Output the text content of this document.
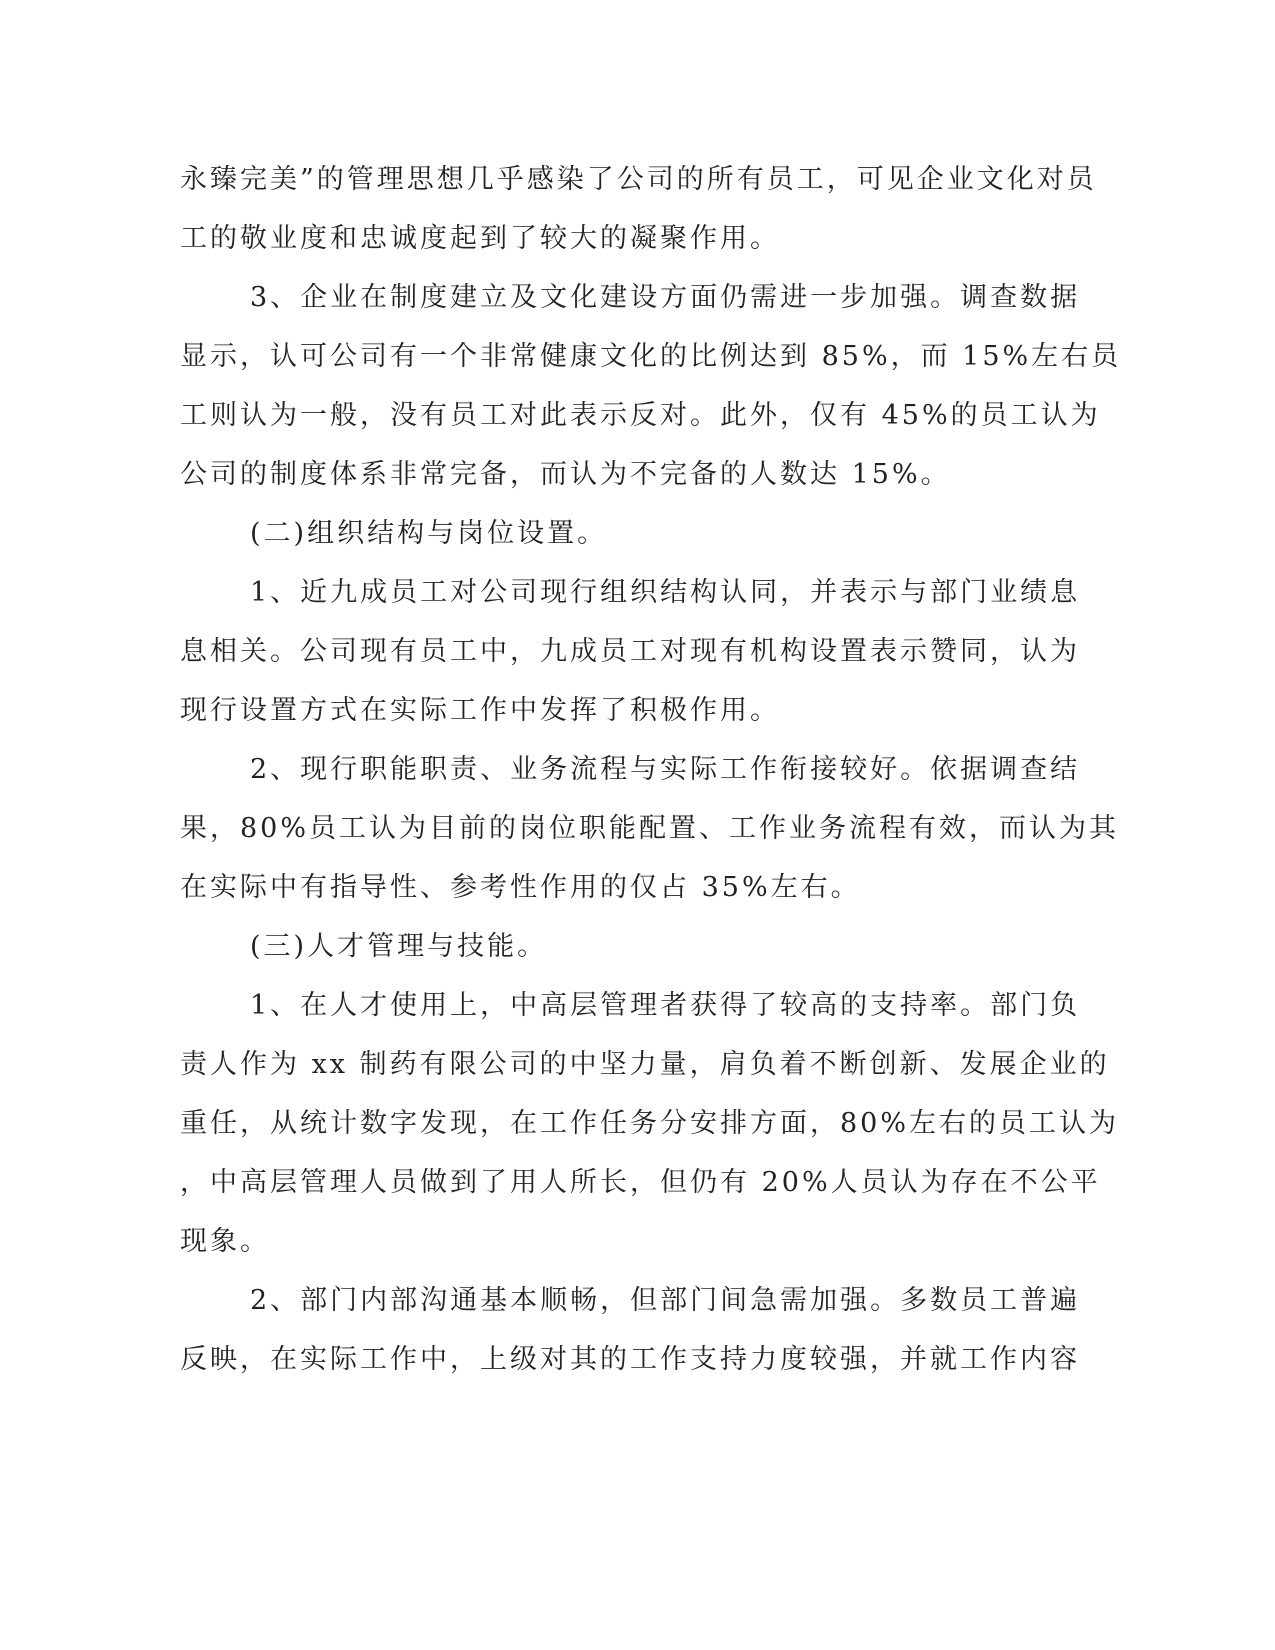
永臻完美”的管理思想几乎感染了公司的所有员工，可见企业文化对员
工的敬业度和忠诚度起到了较大的凝聚作用。
3、企业在制度建立及文化建设方面仍需进一步加强。调查数据
显示，认可公司有一个非常健康文化的比例达到 85%，而 15%左右员
工则认为一般，没有员工对此表示反对。此外，仅有 45%的员工认为
公司的制度体系非常完备，而认为不完备的人数达 15%。
(二)组织结构与岗位设置。
1、近九成员工对公司现行组织结构认同，并表示与部门业绩息
息相关。公司现有员工中，九成员工对现有机构设置表示赞同，认为
现行设置方式在实际工作中发挥了积极作用。
2、现行职能职责、业务流程与实际工作衔接较好。依据调查结
果，80%员工认为目前的岗位职能配置、工作业务流程有效，而认为其
在实际中有指导性、参考性作用的仅占 35%左右。
(三)人才管理与技能。
1、在人才使用上，中高层管理者获得了较高的支持率。部门负
责人作为 xx 制药有限公司的中坚力量，肩负着不断创新、发展企业的
重任，从统计数字发现，在工作任务分安排方面，80%左右的员工认为
，中高层管理人员做到了用人所长，但仍有 20%人员认为存在不公平
现象。
2、部门内部沟通基本顺畅，但部门间急需加强。多数员工普遍
反映，在实际工作中，上级对其的工作支持力度较强，并就工作内容
